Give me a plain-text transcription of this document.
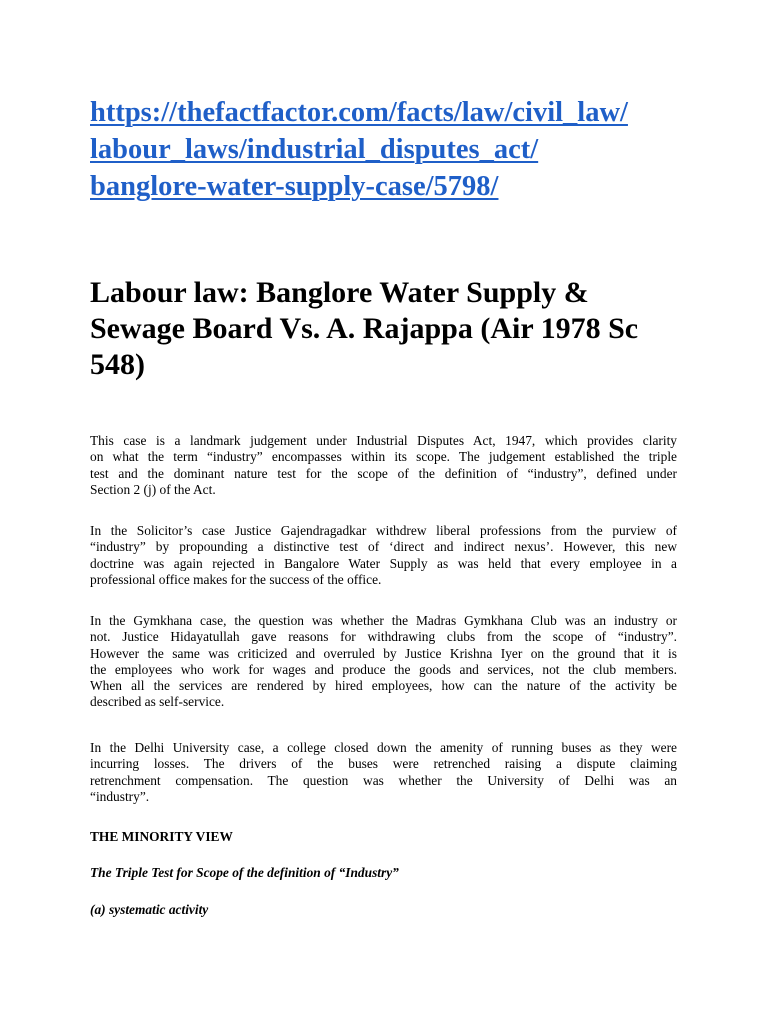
https://thefactfactor.com/facts/law/civil_law/
labour_laws/industrial_disputes_act/
banglore-water-supply-case/5798/
Labour law: Banglore Water Supply &
Sewage Board Vs. A. Rajappa (Air 1978 Sc
548)

This case is a landmark judgement under Industrial Disputes Act, 1947, which provides clarity
on what the term “industry” encompasses within its scope. The judgement established the triple
test and the dominant nature test for the scope of the definition of “industry”, defined under
Section 2 (j) of the Act.

In the Solicitor’s case Justice Gajendragadkar withdrew liberal professions from the purview of
“industry” by propounding a distinctive test of ‘direct and indirect nexus’. However, this new
doctrine was again rejected in Bangalore Water Supply as was held that every employee in a
professional office makes for the success of the office.

In the Gymkhana case, the question was whether the Madras Gymkhana Club was an industry or
not. Justice Hidayatullah gave reasons for withdrawing clubs from the scope of “industry”.
However the same was criticized and overruled by Justice Krishna Iyer on the ground that it is
the employees who work for wages and produce the goods and services, not the club members.
When all the services are rendered by hired employees, how can the nature of the activity be
described as self-service.

In the Delhi University case, a college closed down the amenity of running buses as they were
incurring losses. The drivers of the buses were retrenched raising a dispute claiming
retrenchment compensation. The question was whether the University of Delhi was an
“industry”.

THE MINORITY VIEW
The Triple Test for Scope of the definition of “Industry”

(a) systematic activity
